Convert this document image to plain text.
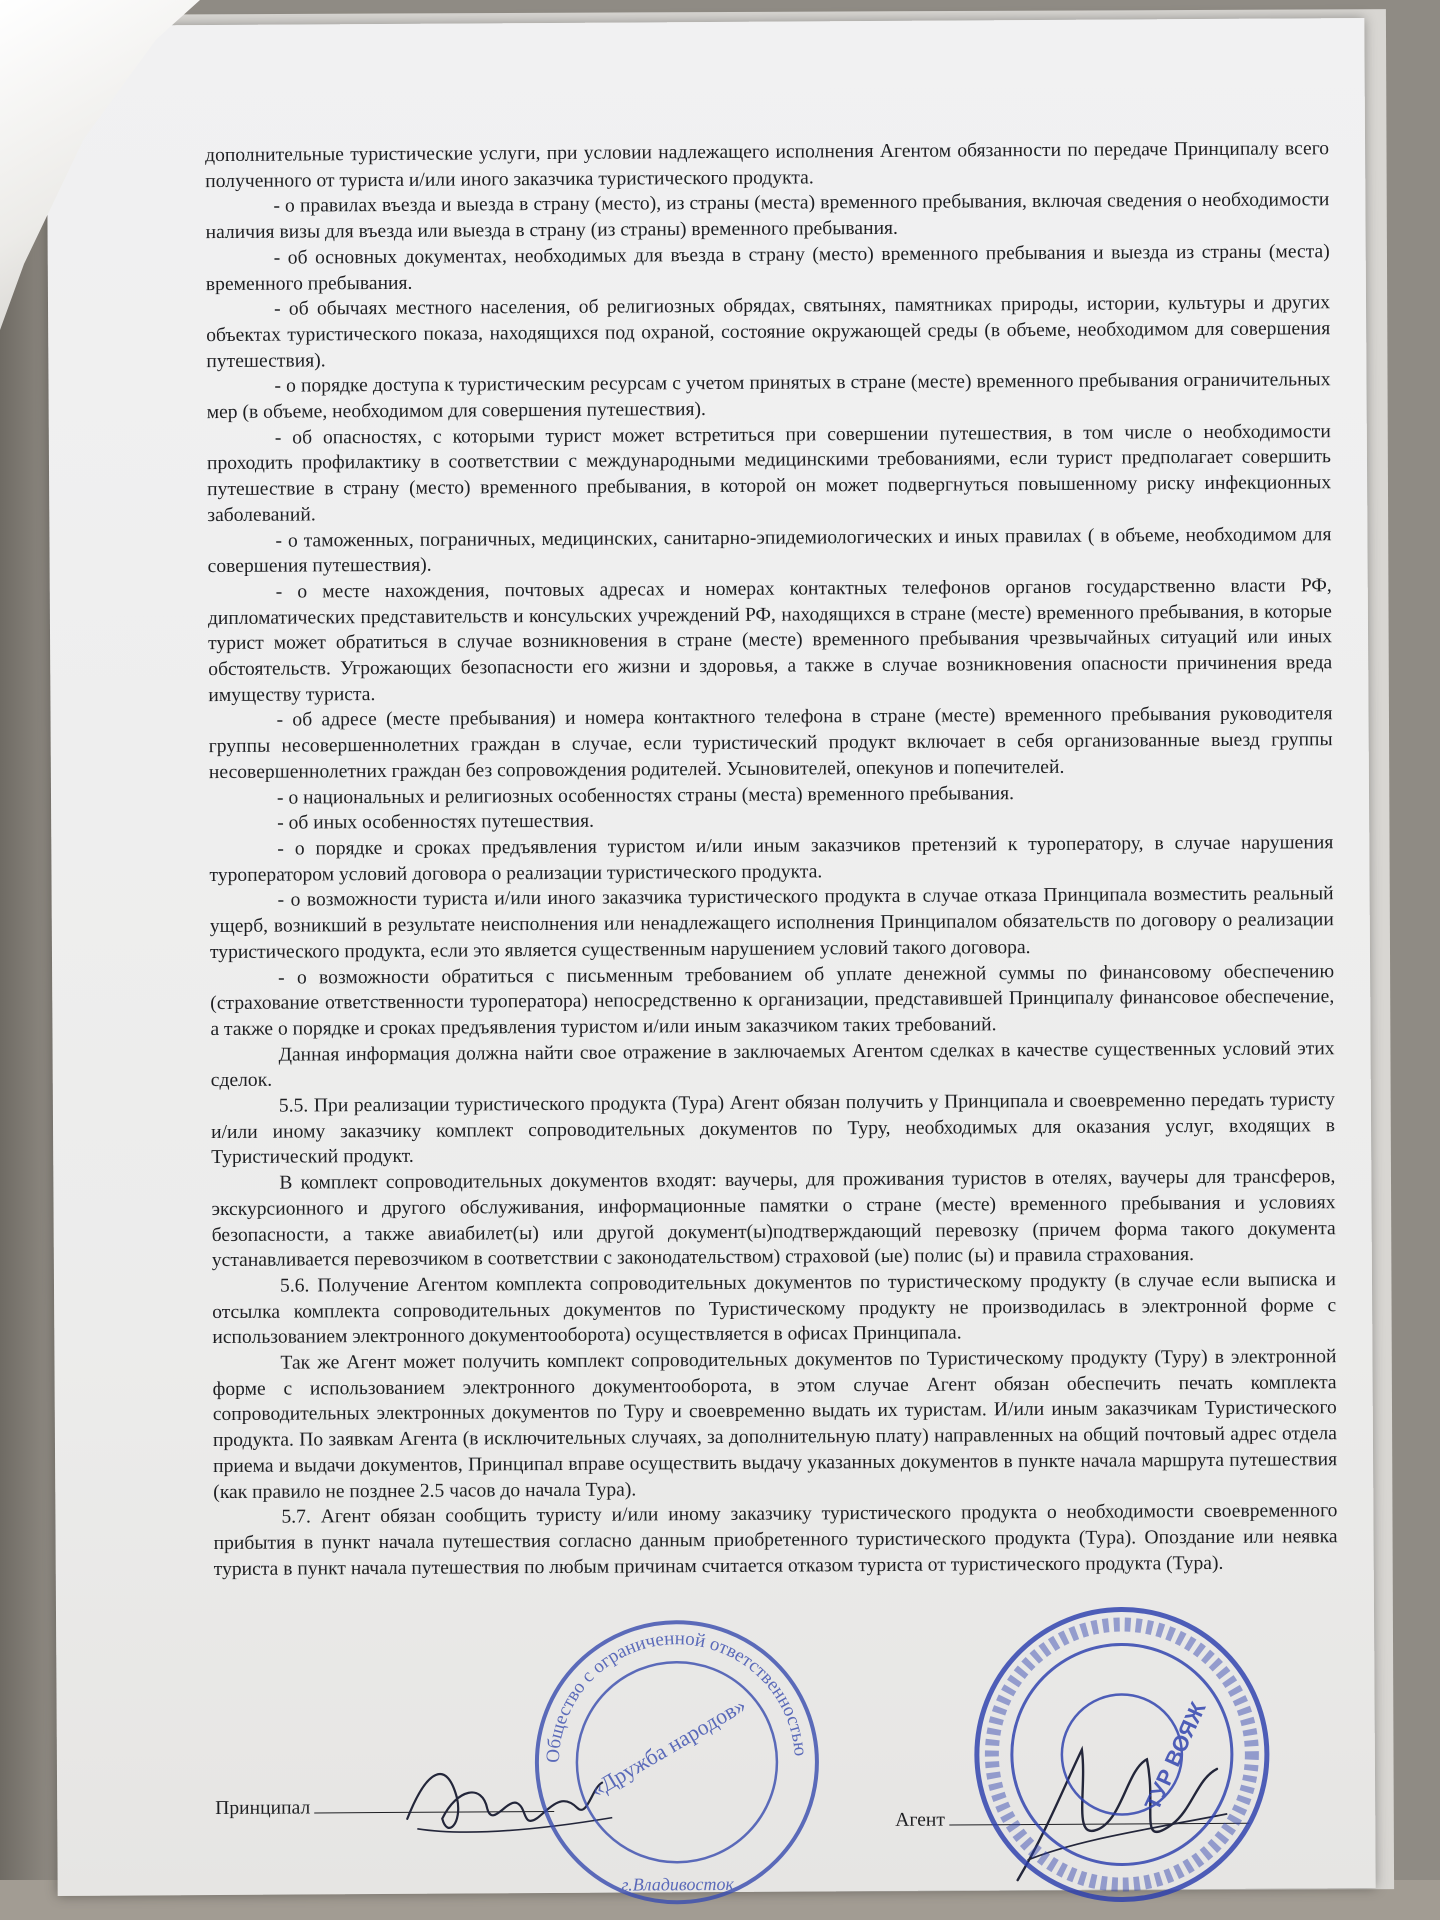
дополнительные туристические услуги, при условии надлежащего исполнения Агентом обязанности по передаче Принципалу всего полученного от туриста и/или иного заказчика туристического продукта.

- о правилах въезда и выезда в страну (место), из страны (места) временного пребывания, включая сведения о необходимости наличия визы для въезда или выезда в страну (из страны) временного пребывания.

- об основных документах, необходимых для въезда в страну (место) временного пребывания и выезда из страны (места) временного пребывания.

- об обычаях местного населения, об религиозных обрядах, святынях, памятниках природы, истории, культуры и других объектах туристического показа, находящихся под охраной, состояние окружающей среды (в объеме, необходимом для совершения путешествия).

- о порядке доступа к туристическим ресурсам с учетом принятых в стране (месте) временного пребывания ограничительных мер (в объеме, необходимом для совершения путешествия).

- об опасностях, с которыми турист может встретиться при совершении путешествия, в том числе о необходимости проходить профилактику в соответствии с международными медицинскими требованиями, если турист предполагает совершить путешествие в страну (место) временного пребывания, в которой он может подвергнуться повышенному риску инфекционных заболеваний.

- о таможенных, пограничных, медицинских, санитарно-эпидемиологических и иных правилах ( в объеме, необходимом для совершения путешествия).

- о месте нахождения, почтовых адресах и номерах контактных телефонов органов государственно власти РФ, дипломатических представительств и консульских учреждений РФ, находящихся в стране (месте) временного пребывания, в которые турист может обратиться в случае возникновения в стране (месте) временного пребывания чрезвычайных ситуаций или иных обстоятельств. Угрожающих безопасности его жизни и здоровья, а также в случае возникновения опасности причинения вреда имуществу туриста.

- об адресе (месте пребывания) и номера контактного телефона в стране (месте) временного пребывания руководителя группы несовершеннолетних граждан в случае, если туристический продукт включает в себя организованные выезд группы несовершеннолетних граждан без сопровождения родителей. Усыновителей, опекунов и попечителей.

- о национальных и религиозных особенностях страны (места) временного пребывания.

- об иных особенностях путешествия.

- о порядке и сроках предъявления туристом и/или иным заказчиков претензий к туроператору, в случае нарушения туроператором условий договора о реализации туристического продукта.

- о возможности туриста и/или иного заказчика туристического продукта в случае отказа Принципала возместить реальный ущерб, возникший в результате неисполнения или ненадлежащего исполнения Принципалом обязательств по договору о реализации туристического продукта, если это является существенным нарушением условий такого договора.

- о возможности обратиться с письменным требованием об уплате денежной суммы по финансовому обеспечению (страхование ответственности туроператора) непосредственно к организации, представившей Принципалу финансовое обеспечение, а также о порядке и сроках предъявления туристом и/или иным заказчиком таких требований.

Данная информация должна найти свое отражение в заключаемых Агентом сделках в качестве существенных условий этих сделок.

5.5. При реализации туристического продукта (Тура) Агент обязан получить у Принципала и своевременно передать туристу и/или иному заказчику комплект сопроводительных документов по Туру, необходимых для оказания услуг, входящих в Туристический продукт.

В комплект сопроводительных документов входят: ваучеры, для проживания туристов в отелях, ваучеры для трансферов, экскурсионного и другого обслуживания, информационные памятки о стране (месте) временного пребывания и условиях безопасности, а также авиабилет(ы) или другой документ(ы)подтверждающий перевозку (причем форма такого документа устанавливается перевозчиком в соответствии с законодательством) страховой (ые) полис (ы) и правила страхования.

5.6. Получение Агентом комплекта сопроводительных документов по туристическому продукту (в случае если выписка и отсылка комплекта сопроводительных документов по Туристическому продукту не производилась в электронной форме с использованием электронного документооборота) осуществляется в офисах Принципала.

Так же Агент может получить комплект сопроводительных документов по Туристическому продукту (Туру) в электронной форме с использованием электронного документооборота, в этом случае Агент обязан обеспечить печать комплекта сопроводительных электронных документов по Туру и своевременно выдать их туристам. И/или иным заказчикам Туристического продукта. По заявкам Агента (в исключительных случаях, за дополнительную плату) направленных на общий почтовый адрес отдела приема и выдачи документов, Принципал вправе осуществить выдачу указанных документов в пункте начала маршрута путешествия (как правило не позднее 2.5 часов до начала Тура).

5.7. Агент обязан сообщить туристу и/или иному заказчику туристического продукта о необходимости своевременного прибытия в пункт начала путешествия согласно данным приобретенного туристического продукта (Тура). Опоздание или неявка туриста в пункт начала путешествия по любым причинам считается отказом туриста от туристического продукта (Тура).

Принципал
Агент
Общество с ограниченной ответственностью
«Дружба народов»
г.Владивосток
ТУР ВОЯЖ
